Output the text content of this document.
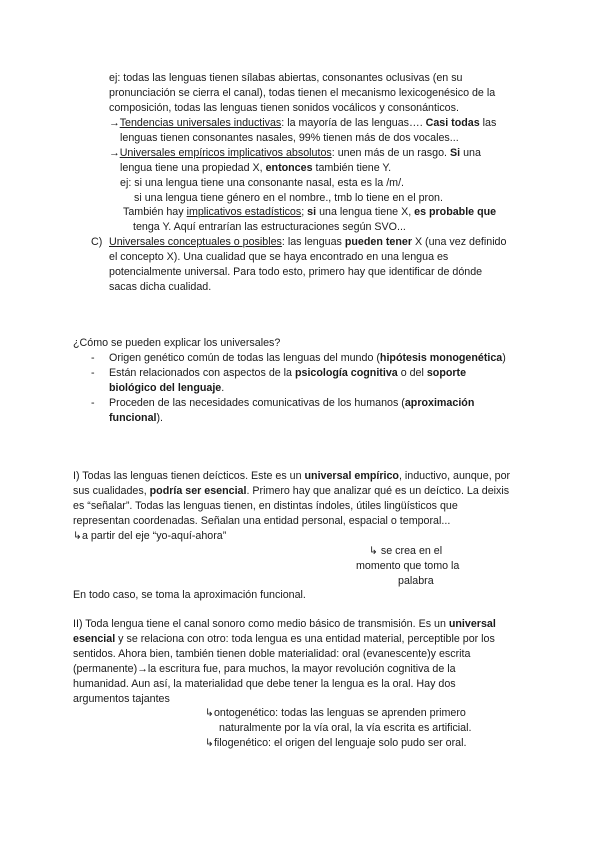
ej: todas las lenguas tienen sílabas abiertas, consonantes oclusivas (en su
pronunciación se cierra el canal), todas tienen el mecanismo lexicogenésico de la
composición, todas las lenguas tienen sonidos vocálicos y consonánticos.
→Tendencias universales inductivas: la mayoría de las lenguas…. Casi todas las
lenguas tienen consonantes nasales, 99% tienen más de dos vocales...
→Universales empíricos implicativos absolutos: unen más de un rasgo. Si una
lengua tiene una propiedad X, entonces también tiene Y.
ej: si una lengua tiene una consonante nasal, esta es la /m/.
si una lengua tiene género en el nombre., tmb lo tiene en el pron.
También hay implicativos estadísticos; si una lengua tiene X, es probable que
tenga Y. Aquí entrarían las estructuraciones según SVO...
C) Universales conceptuales o posibles: las lenguas pueden tener X (una vez definido
el concepto X). Una cualidad que se haya encontrado en una lengua es
potencialmente universal. Para todo esto, primero hay que identificar de dónde
sacas dicha cualidad.
¿Cómo se pueden explicar los universales?
- Origen genético común de todas las lenguas del mundo (hipótesis monogenética)
- Están relacionados con aspectos de la psicología cognitiva o del soporte
biológico del lenguaje.
- Proceden de las necesidades comunicativas de los humanos (aproximación
funcional).
I) Todas las lenguas tienen deícticos. Este es un universal empírico, inductivo, aunque, por
sus cualidades, podría ser esencial. Primero hay que analizar qué es un deíctico. La deixis
es “señalar”. Todas las lenguas tienen, en distintas índoles, útiles lingüísticos que
representan coordenadas. Señalan una entidad personal, espacial o temporal...
↳a partir del eje “yo-aquí-ahora”
↳ se crea en el
momento que tomo la
palabra
En todo caso, se toma la aproximación funcional.
II) Toda lengua tiene el canal sonoro como medio básico de transmisión. Es un universal
esencial y se relaciona con otro: toda lengua es una entidad material, perceptible por los
sentidos. Ahora bien, también tienen doble materialidad: oral (evanescente)y escrita
(permanente)→la escritura fue, para muchos, la mayor revolución cognitiva de la
humanidad. Aun así, la materialidad que debe tener la lengua es la oral. Hay dos
argumentos tajantes
↳ontogenético: todas las lenguas se aprenden primero
naturalmente por la vía oral, la vía escrita es artificial.
↳filogenético: el origen del lenguaje solo pudo ser oral.
